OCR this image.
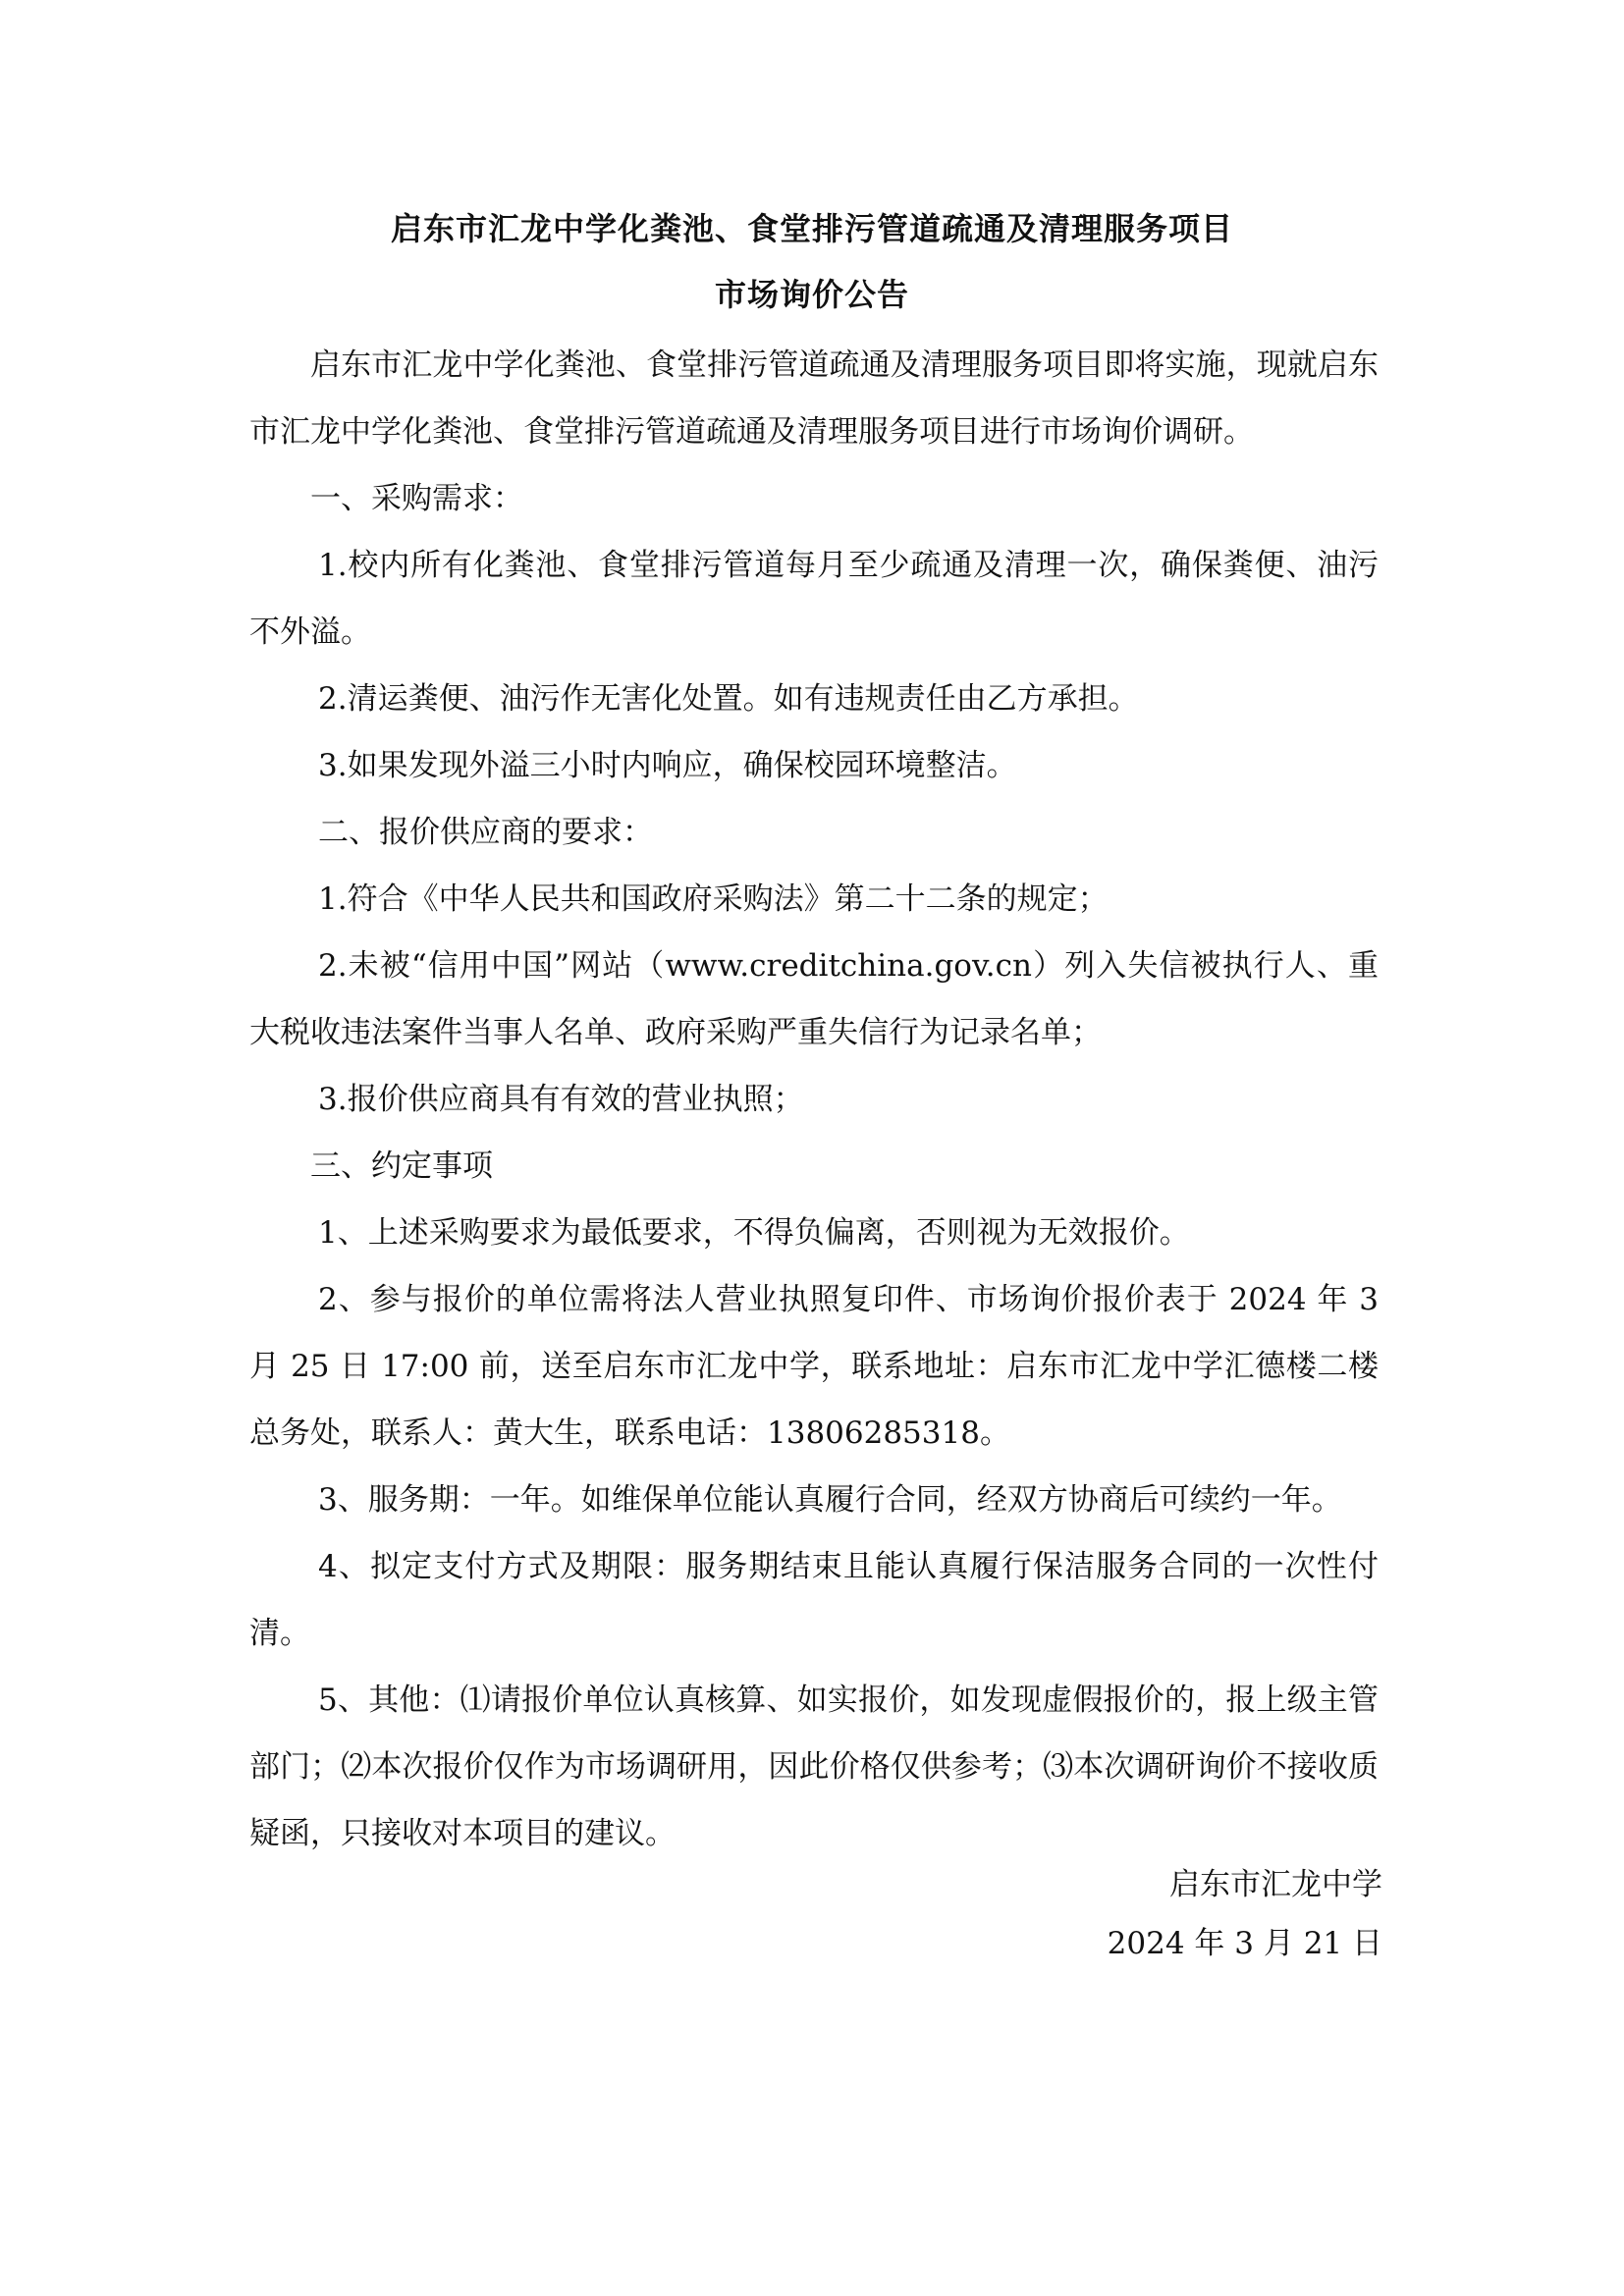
启东市汇龙中学化粪池、食堂排污管道疏通及清理服务项目
市场询价公告

启东市汇龙中学化粪池、食堂排污管道疏通及清理服务项目即将实施，现就启东市汇龙中学化粪池、食堂排污管道疏通及清理服务项目进行市场询价调研。

一、采购需求：

1.校内所有化粪池、食堂排污管道每月至少疏通及清理一次，确保粪便、油污不外溢。

2.清运粪便、油污作无害化处置。如有违规责任由乙方承担。

3.如果发现外溢三小时内响应，确保校园环境整洁。

二、报价供应商的要求：

1.符合《中华人民共和国政府采购法》第二十二条的规定；

2.未被“信用中国”网站（www.creditchina.gov.cn）列入失信被执行人、重大税收违法案件当事人名单、政府采购严重失信行为记录名单；

3.报价供应商具有有效的营业执照；

三、约定事项

1、上述采购要求为最低要求，不得负偏离，否则视为无效报价。

2、参与报价的单位需将法人营业执照复印件、市场询价报价表于 2024 年 3 月 25 日 17:00 前，送至启东市汇龙中学，联系地址：启东市汇龙中学汇德楼二楼总务处，联系人：黄大生，联系电话：13806285318。

3、服务期：一年。如维保单位能认真履行合同，经双方协商后可续约一年。

4、拟定支付方式及期限：服务期结束且能认真履行保洁服务合同的一次性付清。

5、其他：⑴请报价单位认真核算、如实报价，如发现虚假报价的，报上级主管部门；⑵本次报价仅作为市场调研用，因此价格仅供参考；⑶本次调研询价不接收质疑函，只接收对本项目的建议。

启东市汇龙中学
2024 年 3 月 21 日
